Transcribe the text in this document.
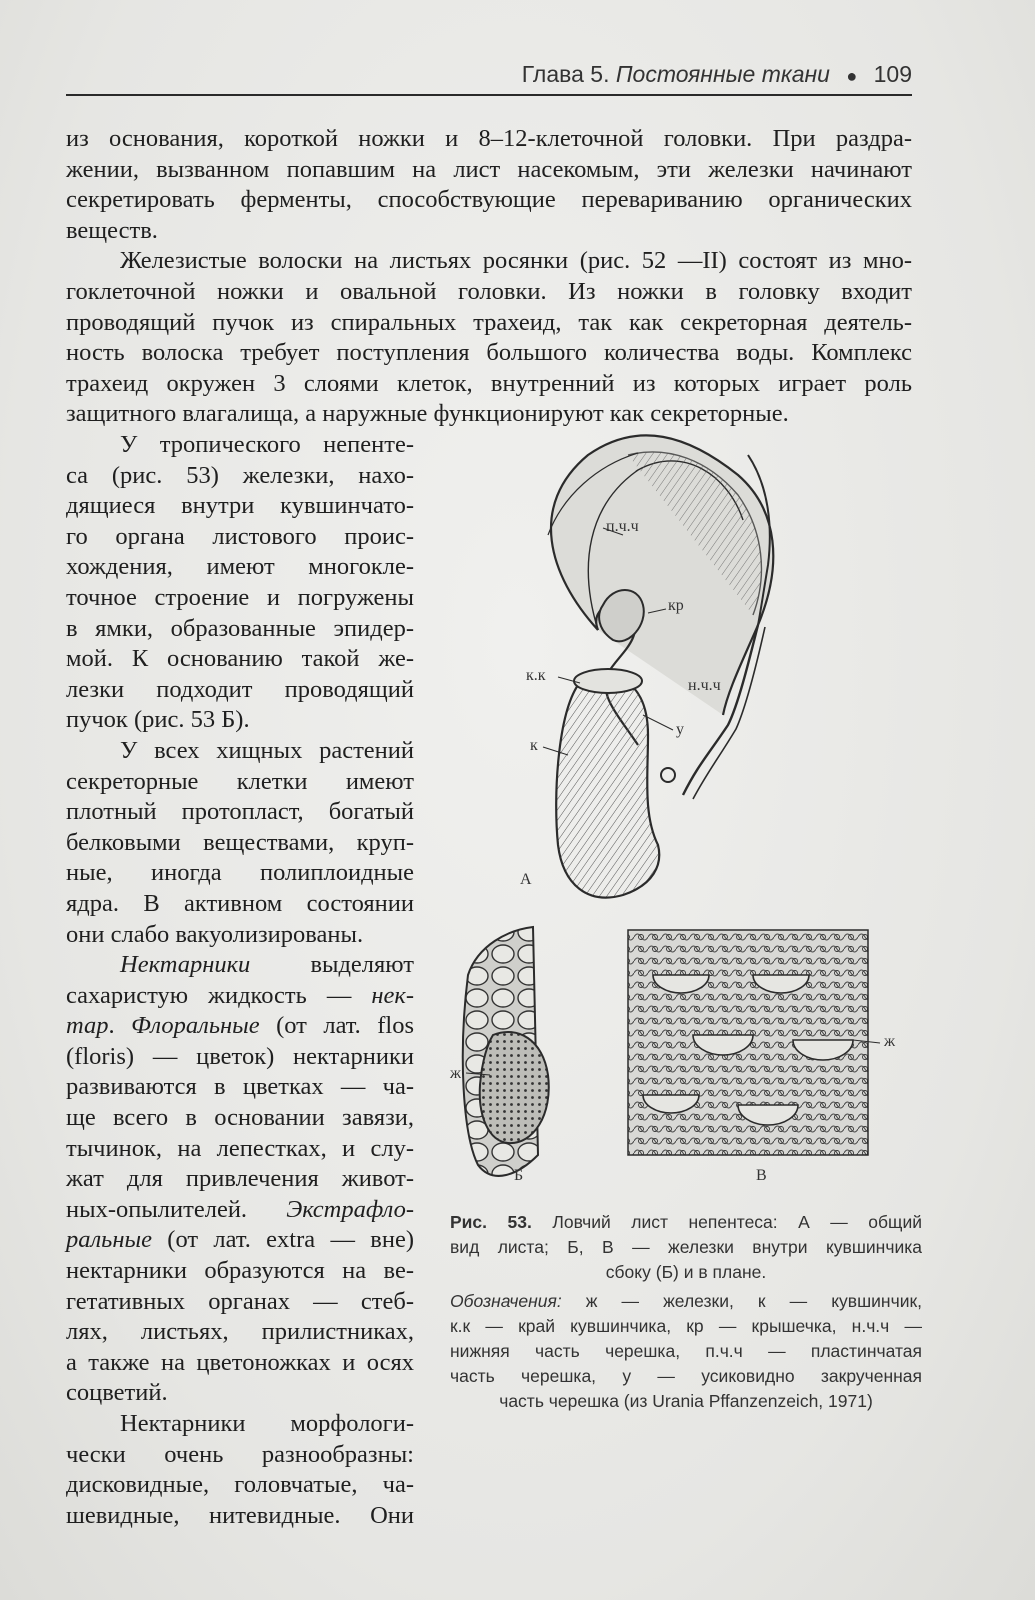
Глава 5. Постоянные ткани ● 109

из основания, короткой ножки и 8–12-клеточной головки. При раздра-
жении, вызванном попавшим на лист насекомым, эти железки начинают
секретировать ферменты, способствующие перевариванию органических
веществ.

Железистые волоски на листьях росянки (рис. 52 —II) состоят из мно-
гоклеточной ножки и овальной головки. Из ножки в головку входит
проводящий пучок из спиральных трахеид, так как секреторная деятель-
ность волоска требует поступления большого количества воды. Комплекс
трахеид окружен 3 слоями клеток, внутренний из которых играет роль
защитного влагалища, а наружные функционируют как секреторные.

У тропического непенте-
са (рис. 53) железки, нахо-
дящиеся внутри кувшинчато-
го органа листового проис-
хождения, имеют многокле-
точное строение и погружены
в ямки, образованные эпидер-
мой. К основанию такой же-
лезки подходит проводящий
пучок (рис. 53 Б).

У всех хищных растений
секреторные клетки имеют
плотный протопласт, богатый
белковыми веществами, круп-
ные, иногда полиплоидные
ядра. В активном состоянии
они слабо вакуолизированы.

Нектарники выделяют
сахаристую жидкость — нек-
тар. Флоральные (от лат. flos
(floris) — цветок) нектарники
развиваются в цветках — ча-
ще всего в основании завязи,
тычинок, на лепестках, и слу-
жат для привлечения живот-
ных-опылителей. Экстрафло-
ральные (от лат. extra — вне)
нектарники образуются на ве-
гетативных органах — стеб-
лях, листьях, прилистниках,
а также на цветоножках и осях
соцветий.

Нектарники морфологи-
чески очень разнообразны:
дисковидные, головчатые, ча-
шевидные, нитевидные. Они

п.ч.ч
кр
к.к
н.ч.ч
у
к
А
ж
ж
Б	В

Рис. 53. Ловчий лист непентеса: А — общий
вид листа; Б, В — железки внутри кувшинчика
сбоку (Б) и в плане.

Обозначения: ж — железки, к — кувшинчик,
к.к — край кувшинчика, кр — крышечка, н.ч.ч —
нижняя часть черешка, п.ч.ч — пластинчатая
часть черешка, у — усиковидно закрученная
часть черешка (из Urania Pffanzenzeich, 1971)
